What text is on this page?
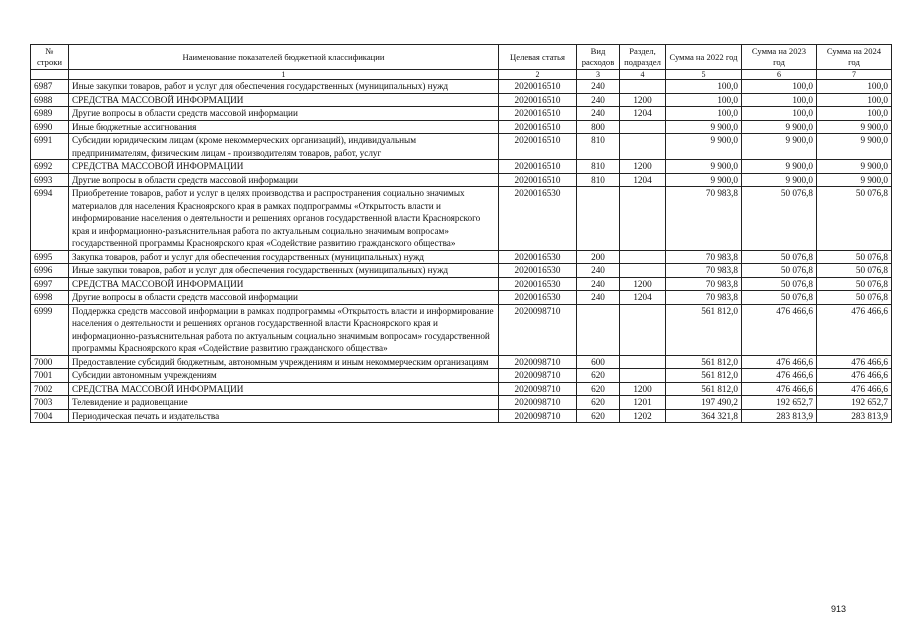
№ строки	Наименование показателей бюджетной классификации	Целевая статья	Вид расходов	Раздел, подраздел	Сумма на 2022 год	Сумма на 2023 год	Сумма на 2024 год
	1	2	3	4	5	6	7
6987	Иные закупки товаров, работ и услуг для обеспечения государственных (муниципальных) нужд	2020016510	240		100,0	100,0	100,0
6988	СРЕДСТВА МАССОВОЙ ИНФОРМАЦИИ	2020016510	240	1200	100,0	100,0	100,0
6989	Другие вопросы в области средств массовой информации	2020016510	240	1204	100,0	100,0	100,0
6990	Иные бюджетные ассигнования	2020016510	800		9 900,0	9 900,0	9 900,0
6991	Субсидии юридическим лицам (кроме некоммерческих организаций), индивидуальным предпринимателям, физическим лицам - производителям товаров, работ, услуг	2020016510	810		9 900,0	9 900,0	9 900,0
6992	СРЕДСТВА МАССОВОЙ ИНФОРМАЦИИ	2020016510	810	1200	9 900,0	9 900,0	9 900,0
6993	Другие вопросы в области средств массовой информации	2020016510	810	1204	9 900,0	9 900,0	9 900,0
6994	Приобретение товаров, работ и услуг в целях производства и распространения социально значимых материалов для населения Красноярского края в рамках подпрограммы «Открытость власти и информирование населения о деятельности и решениях органов государственной власти Красноярского края и информационно-разъяснительная работа по актуальным социально значимым вопросам» государственной программы Красноярского края «Содействие развитию гражданского общества»	2020016530			70 983,8	50 076,8	50 076,8
6995	Закупка товаров, работ и услуг для обеспечения государственных (муниципальных) нужд	2020016530	200		70 983,8	50 076,8	50 076,8
6996	Иные закупки товаров, работ и услуг для обеспечения государственных (муниципальных) нужд	2020016530	240		70 983,8	50 076,8	50 076,8
6997	СРЕДСТВА МАССОВОЙ ИНФОРМАЦИИ	2020016530	240	1200	70 983,8	50 076,8	50 076,8
6998	Другие вопросы в области средств массовой информации	2020016530	240	1204	70 983,8	50 076,8	50 076,8
6999	Поддержка средств массовой информации в рамках подпрограммы «Открытость власти и информирование населения о деятельности и решениях органов государственной власти Красноярского края и информационно-разъяснительная работа по актуальным социально значимым вопросам» государственной программы Красноярского края «Содействие развитию гражданского общества»	2020098710			561 812,0	476 466,6	476 466,6
7000	Предоставление субсидий бюджетным, автономным учреждениям и иным некоммерческим организациям	2020098710	600		561 812,0	476 466,6	476 466,6
7001	Субсидии автономным учреждениям	2020098710	620		561 812,0	476 466,6	476 466,6
7002	СРЕДСТВА МАССОВОЙ ИНФОРМАЦИИ	2020098710	620	1200	561 812,0	476 466,6	476 466,6
7003	Телевидение и радиовещание	2020098710	620	1201	197 490,2	192 652,7	192 652,7
7004	Периодическая печать и издательства	2020098710	620	1202	364 321,8	283 813,9	283 813,9
913
